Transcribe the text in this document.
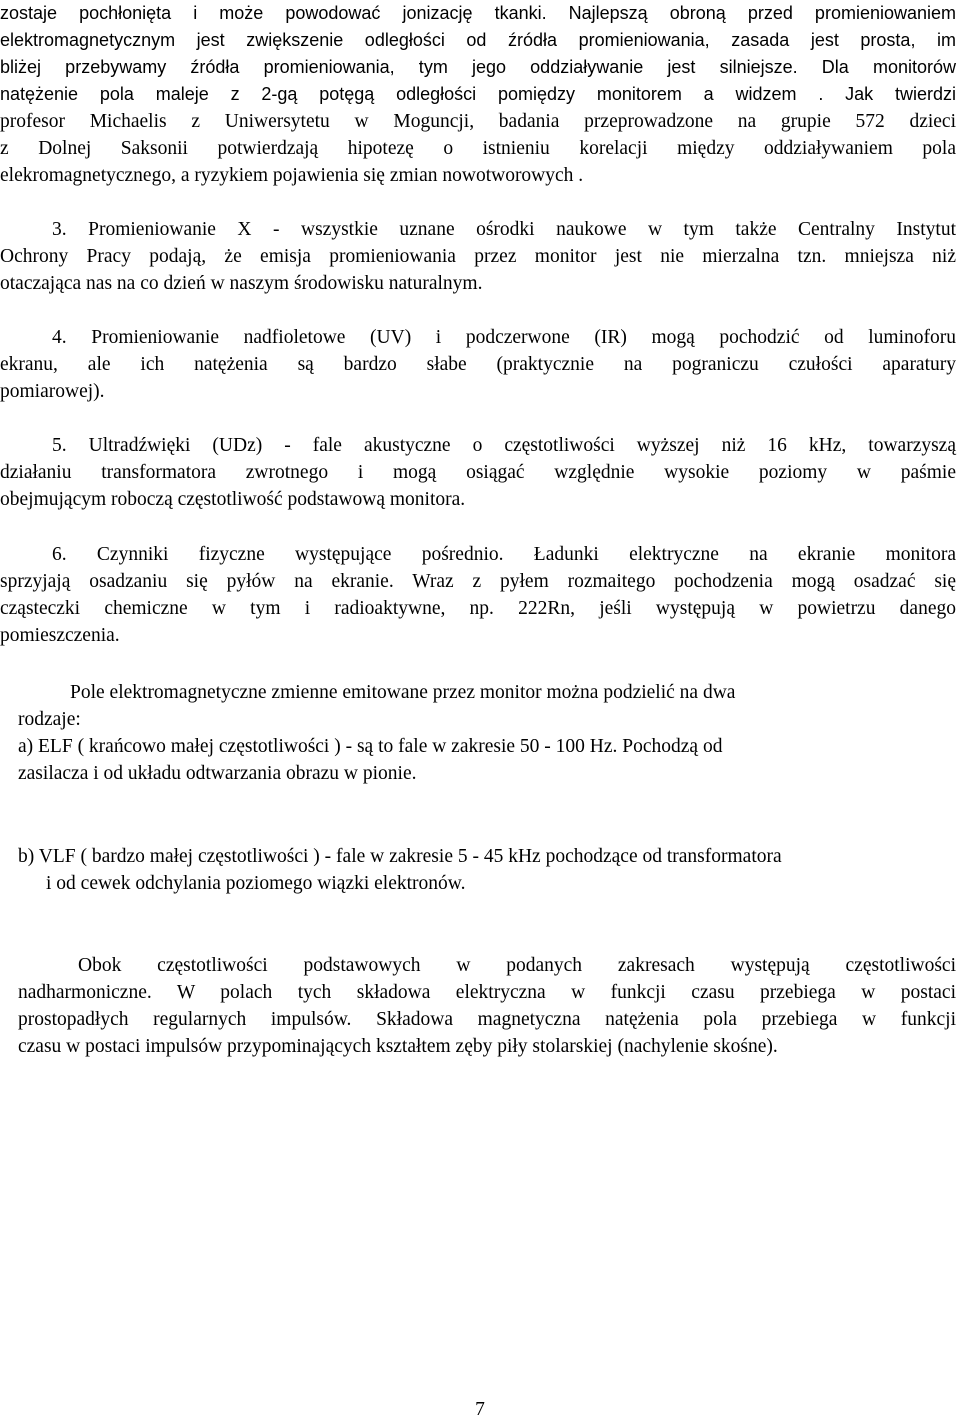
zostaje pochłonięta i może powodować jonizację tkanki. Najlepszą obroną przed promieniowaniem
elektromagnetycznym jest zwiększenie odległości od źródła promieniowania, zasada jest prosta, im
bliżej przebywamy źródła promieniowania, tym jego oddziaływanie jest silniejsze. Dla monitorów
natężenie pola maleje z 2-gą potęgą odległości pomiędzy monitorem a widzem . Jak twierdzi
profesor Michaelis z Uniwersytetu w Moguncji, badania przeprowadzone na grupie 572 dzieci
z Dolnej Saksonii potwierdzają hipotezę o istnieniu korelacji między oddziaływaniem pola
elekromagnetycznego, a ryzykiem pojawienia się zmian nowotworowych .
3. Promieniowanie X - wszystkie uznane ośrodki naukowe w tym także Centralny Instytut
Ochrony Pracy podają, że emisja promieniowania przez monitor jest nie mierzalna tzn. mniejsza niż
otaczająca nas na co dzień w naszym środowisku naturalnym.
4. Promieniowanie nadfioletowe (UV) i podczerwone (IR) mogą pochodzić od luminoforu
ekranu, ale ich natężenia są bardzo słabe (praktycznie na pograniczu czułości aparatury
pomiarowej).
5. Ultradźwięki (UDz) - fale akustyczne o częstotliwości wyższej niż 16 kHz, towarzyszą
działaniu transformatora zwrotnego i mogą osiągać względnie wysokie poziomy w paśmie
obejmującym roboczą częstotliwość podstawową monitora.
6. Czynniki fizyczne występujące pośrednio. Ładunki elektryczne na ekranie monitora
sprzyjają osadzaniu się pyłów na ekranie. Wraz z pyłem rozmaitego pochodzenia mogą osadzać się
cząsteczki chemiczne w tym i radioaktywne, np. 222Rn, jeśli występują w powietrzu danego
pomieszczenia.
Pole elektromagnetyczne zmienne emitowane przez monitor można podzielić na dwa
rodzaje:
a) ELF ( krańcowo małej częstotliwości ) - są to fale w zakresie 50 - 100 Hz. Pochodzą od
zasilacza i od układu odtwarzania obrazu w pionie.
b) VLF ( bardzo małej częstotliwości ) - fale w zakresie 5 - 45 kHz pochodzące od transformatora
i od cewek odchylania poziomego wiązki elektronów.
Obok częstotliwości podstawowych w podanych zakresach występują częstotliwości
nadharmoniczne. W polach tych składowa elektryczna w funkcji czasu przebiega w postaci
prostopadłych regularnych impulsów. Składowa magnetyczna natężenia pola przebiega w funkcji
czasu w postaci impulsów przypominających kształtem zęby piły stolarskiej (nachylenie skośne).
7
